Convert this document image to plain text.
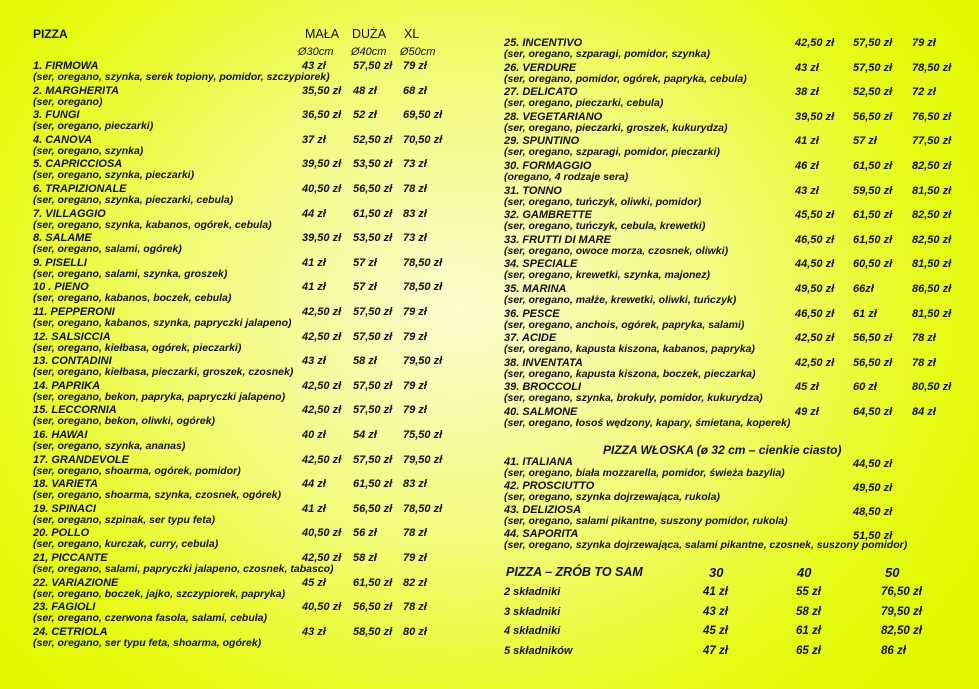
1. FIRMOWA
(ser, oregano, szynka, serek topiony, pomidor, szczypiorek)
43 zł 57,50 zł 79 zł
2. MARGHERITA
(ser, oregano)
35,50 zł 48 zł 68 zł
3. FUNGI
(ser, oregano, pieczarki)
36,50 zł 52 zł 69,50 zł
4. CANOVA
(ser, oregano, szynka)
37 zł 52,50 zł 70,50 zł
5. CAPRICCIOSA
(ser, oregano, szynka, pieczarki)
39,50 zł 53,50 zł 73 zł
6. TRAPIZIONALE
(ser, oregano, szynka, pieczarki, cebula)
40,50 zł 56,50 zł 78 zł
7. VILLAGGIO
(ser, oregano, szynka, kabanos, ogórek, cebula)
44 zł 61,50 zł 83 zł
8. SALAME
(ser, oregano, salami, ogórek)
39,50 zł 53,50 zł 73 zł
9. PISELLI
(ser, oregano, salami, szynka, groszek)
41 zł 57 zł 78,50 zł
10 . PIENO
(ser, oregano, kabanos, boczek, cebula)
41 zł 57 zł 78,50 zł
11. PEPPERONI
(ser, oregano, kabanos, szynka, papryczki jalapeno)
42,50 zł 57,50 zł 79 zł
12. SALSICCIA
(ser, oregano, kiełbasa, ogórek, pieczarki)
42,50 zł 57,50 zł 79 zł
13. CONTADINI
(ser, oregano, kiełbasa, pieczarki, groszek, czosnek)
43 zł 58 zł 79,50 zł
14. PAPRIKA
(ser, oregano, bekon, papryka, papryczki jalapeno)
42,50 zł 57,50 zł 79 zł
15. LECCORNIA
(ser, oregano, bekon, oliwki, ogórek)
42,50 zł 57,50 zł 79 zł
16. HAWAI
(ser, oregano, szynka, ananas)
40 zł 54 zł 75,50 zł
17. GRANDEVOLE
(ser, oregano, shoarma, ogórek, pomidor)
42,50 zł 57,50 zł 79,50 zł
18. VARIETA
(ser, oregano, shoarma, szynka, czosnek, ogórek)
44 zł 61,50 zł 83 zł
19. SPINACI
(ser, oregano, szpinak, ser typu feta)
41 zł 56,50 zł 78,50 zł
20. POLLO
(ser, oregano, kurczak, curry, cebula)
40,50 zł 56 zł 78 zł
21, PICCANTE
(ser, oregano, salami, papryczki jalapeno, czosnek, tabasco)
42,50 zł 58 zł 79 zł
22. VARIAZIONE
(ser, oregano, boczek, jajko, szczypiorek, papryka)
45 zł 61,50 zł 82 zł
23. FAGIOLI
(ser, oregano, czerwona fasola, salami, cebula)
40,50 zł 56,50 zł 78 zł
24. CETRIOLA
(ser, oregano, ser typu feta, shoarma, ogórek)
43 zł 58,50 zł 80 zł
25. INCENTIVO
(ser, oregano, szparagi, pomidor, szynka)
42,50 zł 57,50 zł 79 zł
26. VERDURE
(ser, oregano, pomidor, ogórek, papryka, cebula)
43 zł	57,50 zł 78,50 zł
27. DELICATO
(ser, oregano, pieczarki, cebula)
38 zł	52,50 zł 72 zł
28. VEGETARIANO
(ser, oregano, pieczarki, groszek, kukurydza)
39,50 zł 56,50 zł 76,50 zł
29. SPUNTINO
(ser, oregano, szparagi, pomidor, pieczarki)
41 zł	57 zł	77,50 zł
30. FORMAGGIO
(oregano, 4 rodzaje sera)
46 zł	61,50 zł 82,50 zł
31. TONNO
(ser, oregano, tuńczyk, oliwki, pomidor)
43 zł	59,50 zł 81,50 zł
32. GAMBRETTE
(ser, oregano, tuńczyk, cebula, krewetki)
45,50 zł 61,50 zł 82,50 zł
33. FRUTTI DI MARE
(ser, oregano, owoce morza, czosnek, oliwki)
46,50 zł 61,50 zł 82,50 zł
34. SPECIALE
(ser, oregano, krewetki, szynka, majonez)
44,50 zł 60,50 zł 81,50 zł
35. MARINA
(ser, oregano, małże, krewetki, oliwki, tuńczyk)
49,50 zł 66zł	86,50 zł
36. PESCE
(ser, oregano, anchois, ogórek, papryka, salami)
46,50 zł 61 zł	81,50 zł
37. ACIDE
(ser, oregano, kapusta kiszona, kabanos, papryka)
42,50 zł 56,50 zł 78 zł
38. INVENTATA
(ser, oregano, kapusta kiszona, boczek, pieczarka)
42,50 zł 56,50 zł 78 zł
39. BROCCOLI
(ser, oregano, szynka, brokuły, pomidor, kukurydza)
45 zł	60 zł	80,50 zł
40. SALMONE
(ser, oregano, łosoś wędzony, kapary, śmietana, koperek)
49 zł	64,50 zł 84 zł
41. ITALIANA
(ser, oregano, biała mozzarella, pomidor, świeża bazylia)
44,50 zł
42. PROSCIUTTO
(ser, oregano, szynka dojrzewająca, rukola)
49,50 zł
43. DELIZIOSA
(ser, oregano, salami pikantne, suszony pomidor, rukola)
48,50 zł
44. SAPORITA
(ser, oregano, szynka dojrzewająca, salami pikantne, czosnek, suszony pomidor)
51,50 zł
2 składniki	41 zł	55 zł	76,50 zł
3 składniki	43 zł	58 zł	79,50 zł
4 składniki	45 zł	61 zł	82,50 zł
5 składników	47 zł	65 zł	86 zł
PIZZA	MAŁA DUŻA XL
Ø30cm Ø40cm Ø50cm
PIZZA WŁOSKA (ø 32 cm – cienkie ciasto)
PIZZA – ZRÓB TO SAM	30	40	50
